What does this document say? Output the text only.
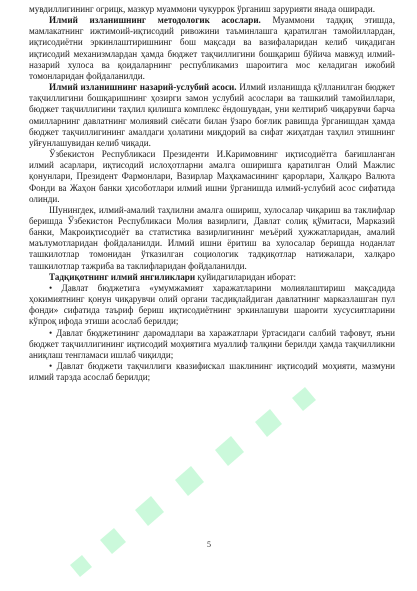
мувдиллигининг огрицк, мазкур муаммони чукуррок ўрганиш зарурияти янада оширади.

Илмий изланишнинг методологик асослари. Муаммони тадқиқ этишда, мамлакатнинг ижтимоий-иқтисодий ривожини таъминлашга қаратилган тамойиллардан, иқтисодиётни эркинлаштиришнинг бош мақсади ва вазифаларидан келиб чиқадиган иқтисодий механизмлардан ҳамда бюджет тақчиллигини бошқариш бўйича мавжуд илмий-назарий хулоса ва қоидаларнинг республикамиз шароитига мос келадиган ижобий томонларидан фойдаланилди.

Илмий изланишнинг назарий-услубий асоси. Илмий изланишда қўлланилган бюджет тақчиллигини бошқаришнинг ҳозирги замон услубий асослари ва ташкилий тамойиллари, бюджет тақчиллигини таҳлил қилишга комплекс ёндошувдан, уни келтириб чиқарувчи барча омилларнинг давлатнинг молиявий сиёсати билан ўзаро боғлик равишда ўрганишдан ҳамда бюджет тақчиллигининг амалдаги ҳолатини миқдорий ва сифат жиҳатдан таҳлил этишнинг уйғунлашувидан келиб чиқади.

Ўзбекистон Республикаси Президенти И.Каримовнинг иқтисодиётга бағишланган илмий асарлари, иқтисодий ислоҳотларни амалга оширишга қаратилган Олий Мажлис қонунлари, Президент Фармонлари, Вазирлар Маҳкамасининг қарорлари, Халқаро Валюта Фонди ва Жаҳон банки ҳисоботлари илмий ишни ўрганишда илмий-услубий асос сифатида олинди.

Шунингдек, илмий-амалий таҳлилни амалга ошириш, хулосалар чиқариш ва таклифлар беришда Ўзбекистон Республикаси Молия вазирлиги, Давлат солиқ қўмитаси, Марказий банки, Макроиқтисодиёт ва статистика вазирлигининг меъёрий ҳужжатларидан, амалий маълумотларидан фойдаланилди. Илмий ишни ёритиш ва хулосалар беришда ноданлат ташкилотлар томонидан ўтказилган социологик тадқиқотлар натижалари, халқаро ташкилотлар тажриба ва таклифларидан фойдаланилди.

Тадқиқотнинг илмий янгиликлари қуйидагиларидан иборат:

• Давлат бюджетига «умумжамият харажатларини молиялаштириш мақсадида ҳокимиятнинг қонун чиқарувчи олий органи тасдиқлайдиган давлатнинг марказлашган пул фонди» сифатида таъриф бериш иқтисодиётнинг эркинлашуви шароити хусусиятларини кўпроқ ифода этиши асослаб берилди;

• Давлат бюджетининг даромадлари ва харажатлари ўртасидаги салбий тафовут, яъни бюджет тақчиллигининг иқтисодий моҳиятига муаллиф талқини берилди ҳамда тақчилликни аниқлаш тенгламаси ишлаб чиқилди;

• Давлат бюджети тақчиллиги квазифискал шаклининг иқтисодий моҳияти, мазмуни илмий тарзда асослаб берилди;

5
